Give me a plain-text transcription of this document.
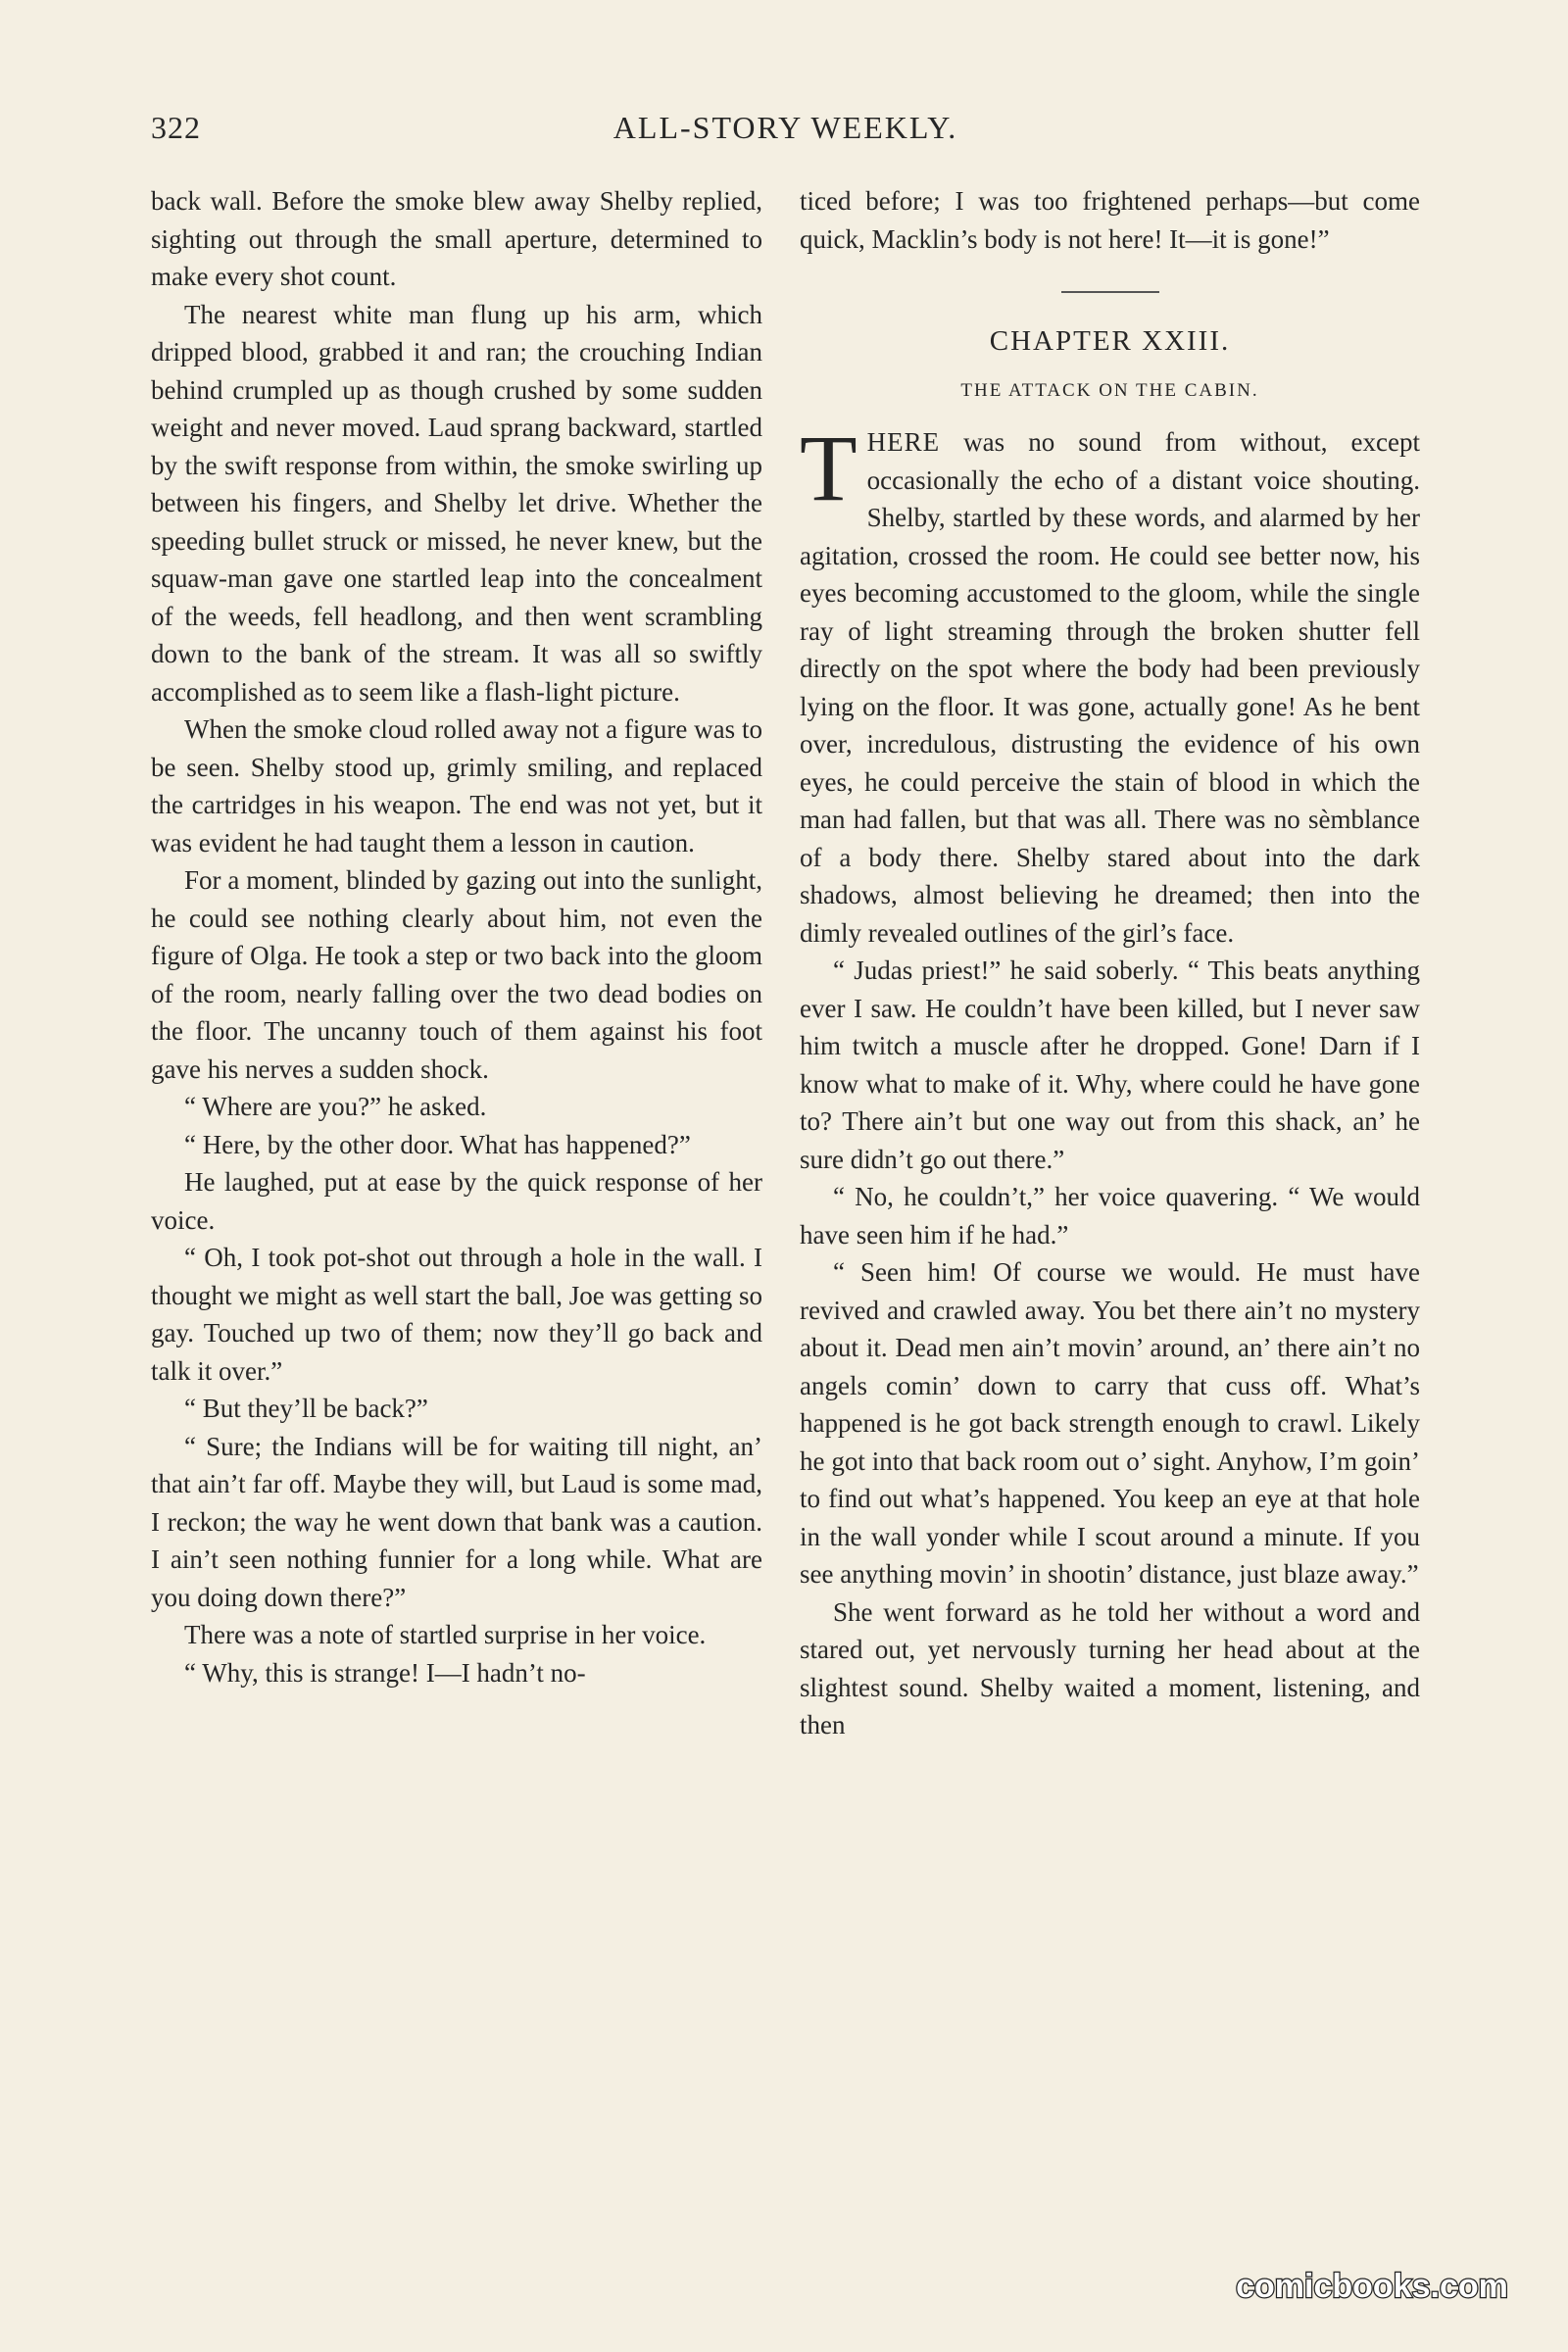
322	ALL-STORY WEEKLY.

back wall. Before the smoke blew away Shelby replied, sighting out through the small aperture, determined to make every shot count.

The nearest white man flung up his arm, which dripped blood, grabbed it and ran; the crouching Indian behind crumpled up as though crushed by some sudden weight and never moved. Laud sprang backward, startled by the swift response from within, the smoke swirling up between his fingers, and Shelby let drive. Whether the speeding bullet struck or missed, he never knew, but the squaw-man gave one startled leap into the concealment of the weeds, fell headlong, and then went scrambling down to the bank of the stream. It was all so swiftly accomplished as to seem like a flash-light picture.

When the smoke cloud rolled away not a figure was to be seen. Shelby stood up, grimly smiling, and replaced the cartridges in his weapon. The end was not yet, but it was evident he had taught them a lesson in caution.

For a moment, blinded by gazing out into the sunlight, he could see nothing clearly about him, not even the figure of Olga. He took a step or two back into the gloom of the room, nearly falling over the two dead bodies on the floor. The uncanny touch of them against his foot gave his nerves a sudden shock.

“ Where are you?” he asked.

“ Here, by the other door. What has happened?”

He laughed, put at ease by the quick response of her voice.

“ Oh, I took pot-shot out through a hole in the wall. I thought we might as well start the ball, Joe was getting so gay. Touched up two of them; now they’ll go back and talk it over.”

“ But they’ll be back?”

“ Sure; the Indians will be for waiting till night, an’ that ain’t far off. Maybe they will, but Laud is some mad, I reckon; the way he went down that bank was a caution. I ain’t seen nothing funnier for a long while. What are you doing down there?”

There was a note of startled surprise in her voice.

“ Why, this is strange! I—I hadn’t no-

ticed before; I was too frightened perhaps—but come quick, Macklin’s body is not here! It—it is gone!”

CHAPTER XXIII.
THE ATTACK ON THE CABIN.

THERE was no sound from without, except occasionally the echo of a distant voice shouting. Shelby, startled by these words, and alarmed by her agitation, crossed the room. He could see better now, his eyes becoming accustomed to the gloom, while the single ray of light streaming through the broken shutter fell directly on the spot where the body had been previously lying on the floor. It was gone, actually gone! As he bent over, incredulous, distrusting the evidence of his own eyes, he could perceive the stain of blood in which the man had fallen, but that was all. There was no sèmblance of a body there. Shelby stared about into the dark shadows, almost believing he dreamed; then into the dimly revealed outlines of the girl’s face.

“ Judas priest!” he said soberly. “ This beats anything ever I saw. He couldn’t have been killed, but I never saw him twitch a muscle after he dropped. Gone! Darn if I know what to make of it. Why, where could he have gone to? There ain’t but one way out from this shack, an’ he sure didn’t go out there.”

“ No, he couldn’t,” her voice quavering. “ We would have seen him if he had.”

“ Seen him! Of course we would. He must have revived and crawled away. You bet there ain’t no mystery about it. Dead men ain’t movin’ around, an’ there ain’t no angels comin’ down to carry that cuss off. What’s happened is he got back strength enough to crawl. Likely he got into that back room out o’ sight. Anyhow, I’m goin’ to find out what’s happened. You keep an eye at that hole in the wall yonder while I scout around a minute. If you see anything movin’ in shootin’ distance, just blaze away.”

She went forward as he told her without a word and stared out, yet nervously turning her head about at the slightest sound. Shelby waited a moment, listening, and then

comicbooks.com
